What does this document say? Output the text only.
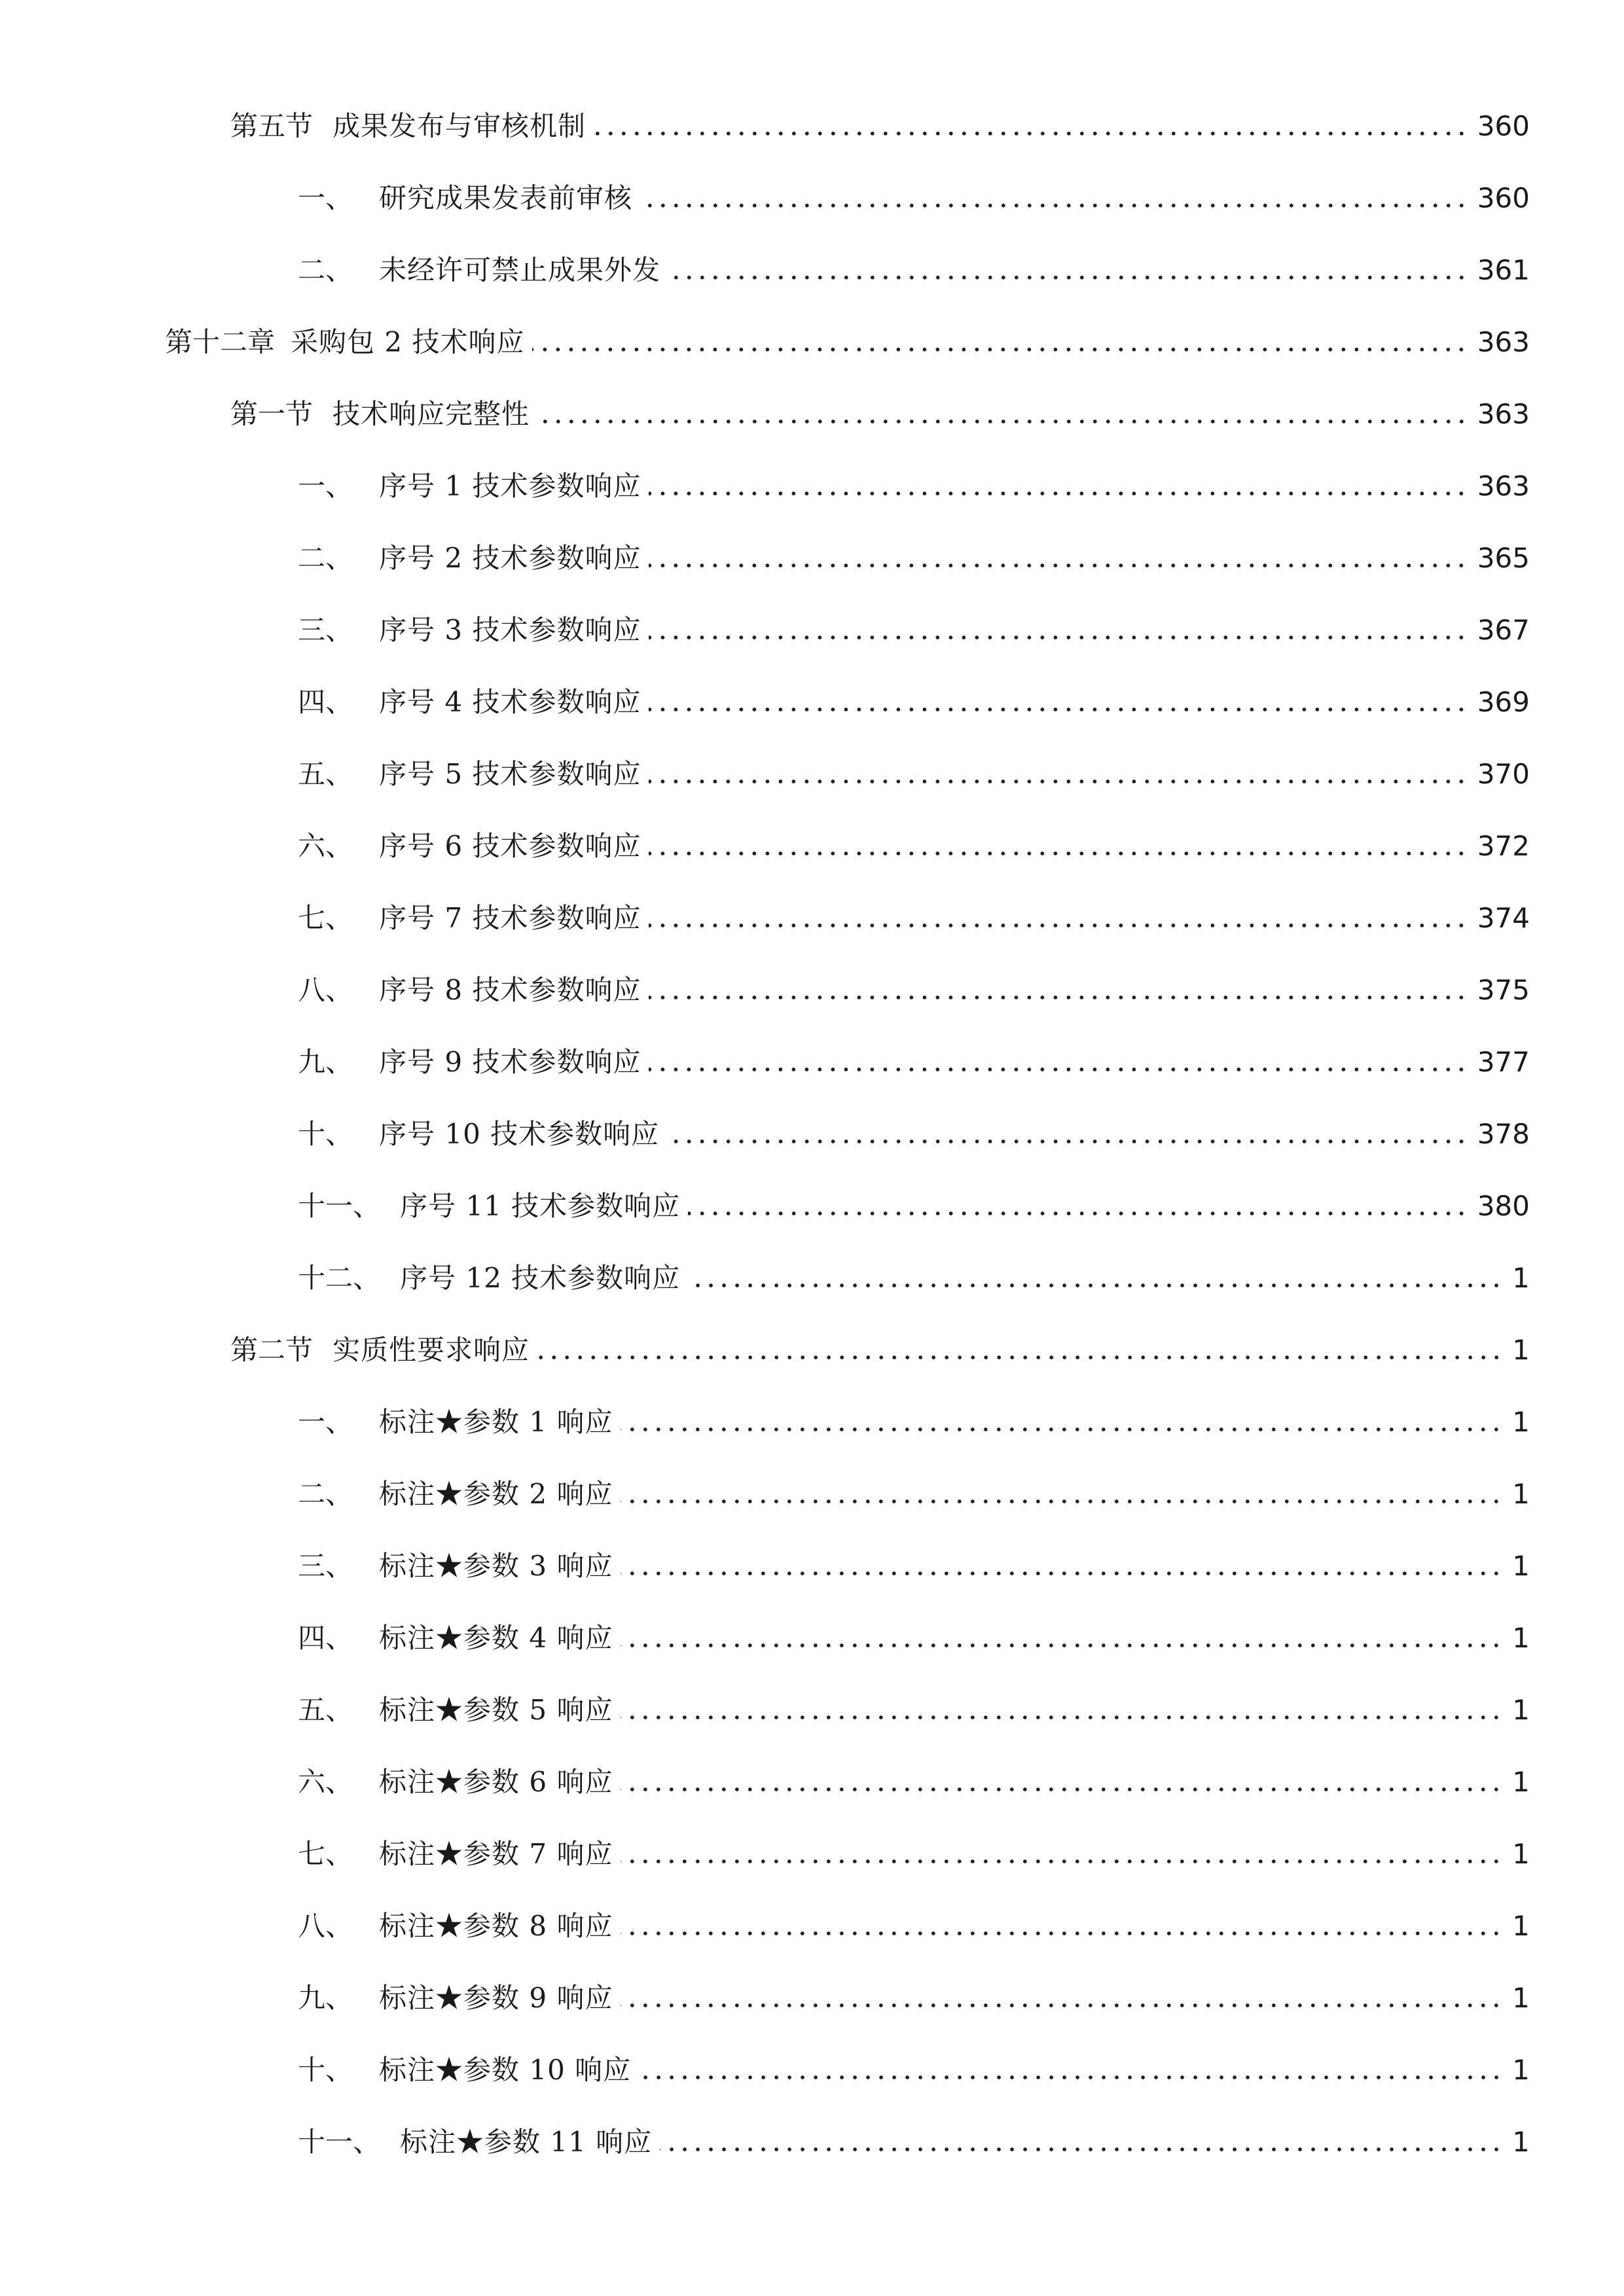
第五节 成果发布与审核机制	360
一、 研究成果发表前审核	360
二、 未经许可禁止成果外发	361
第十二章 采购包 2 技术响应	363
第一节 技术响应完整性	363
一、 序号 1 技术参数响应	363
二、 序号 2 技术参数响应	365
三、 序号 3 技术参数响应	367
四、 序号 4 技术参数响应	369
五、 序号 5 技术参数响应	370
六、 序号 6 技术参数响应	372
七、 序号 7 技术参数响应	374
八、 序号 8 技术参数响应	375
九、 序号 9 技术参数响应	377
十、 序号 10 技术参数响应	378
十一、 序号 11 技术参数响应	380
十二、 序号 12 技术参数响应	1
第二节 实质性要求响应	1
一、 标注★参数 1 响应	1
二、 标注★参数 2 响应	1
三、 标注★参数 3 响应	1
四、 标注★参数 4 响应	1
五、 标注★参数 5 响应	1
六、 标注★参数 6 响应	1
七、 标注★参数 7 响应	1
八、 标注★参数 8 响应	1
九、 标注★参数 9 响应	1
十、 标注★参数 10 响应	1
十一、 标注★参数 11 响应	1
